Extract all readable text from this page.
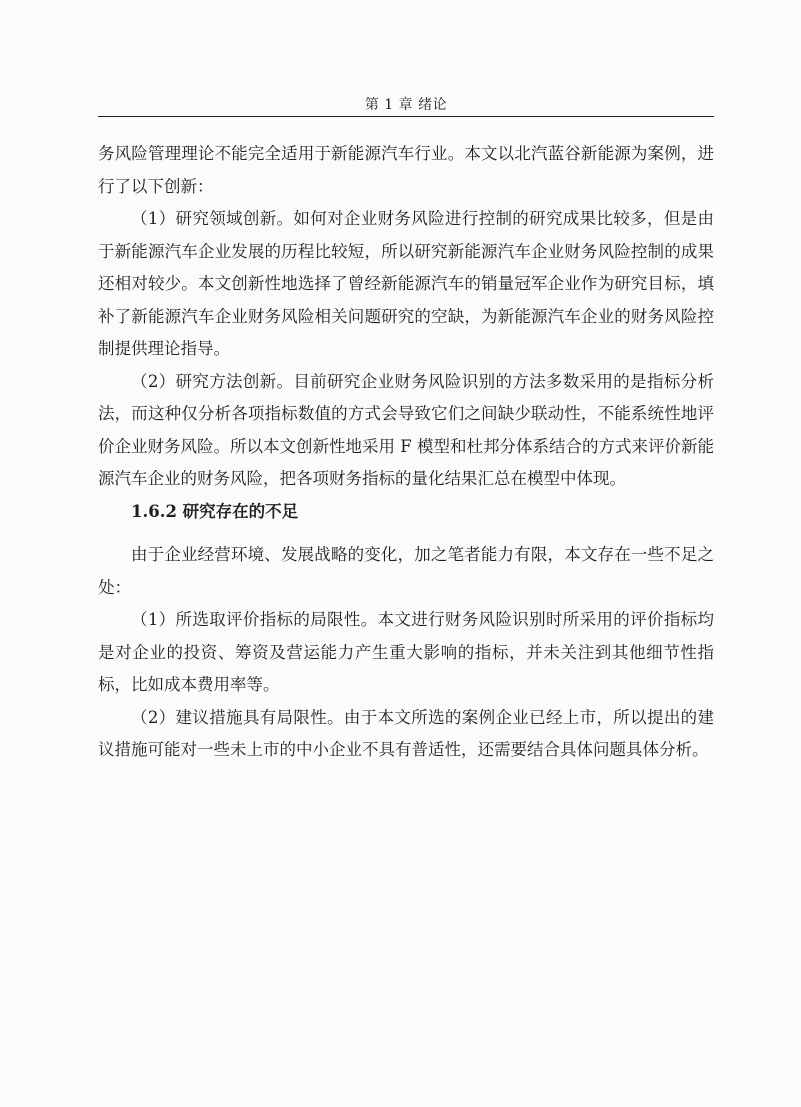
第 1 章 绪论

务风险管理理论不能完全适用于新能源汽车行业。本文以北汽蓝谷新能源为案例，进行了以下创新：

（1）研究领域创新。如何对企业财务风险进行控制的研究成果比较多，但是由于新能源汽车企业发展的历程比较短，所以研究新能源汽车企业财务风险控制的成果还相对较少。本文创新性地选择了曾经新能源汽车的销量冠军企业作为研究目标，填补了新能源汽车企业财务风险相关问题研究的空缺，为新能源汽车企业的财务风险控制提供理论指导。

（2）研究方法创新。目前研究企业财务风险识别的方法多数采用的是指标分析法，而这种仅分析各项指标数值的方式会导致它们之间缺少联动性，不能系统性地评价企业财务风险。所以本文创新性地采用 F 模型和杜邦分体系结合的方式来评价新能源汽车企业的财务风险，把各项财务指标的量化结果汇总在模型中体现。

1.6.2 研究存在的不足

由于企业经营环境、发展战略的变化，加之笔者能力有限，本文存在一些不足之处：

（1）所选取评价指标的局限性。本文进行财务风险识别时所采用的评价指标均是对企业的投资、筹资及营运能力产生重大影响的指标，并未关注到其他细节性指标，比如成本费用率等。

（2）建议措施具有局限性。由于本文所选的案例企业已经上市，所以提出的建议措施可能对一些未上市的中小企业不具有普适性，还需要结合具体问题具体分析。
